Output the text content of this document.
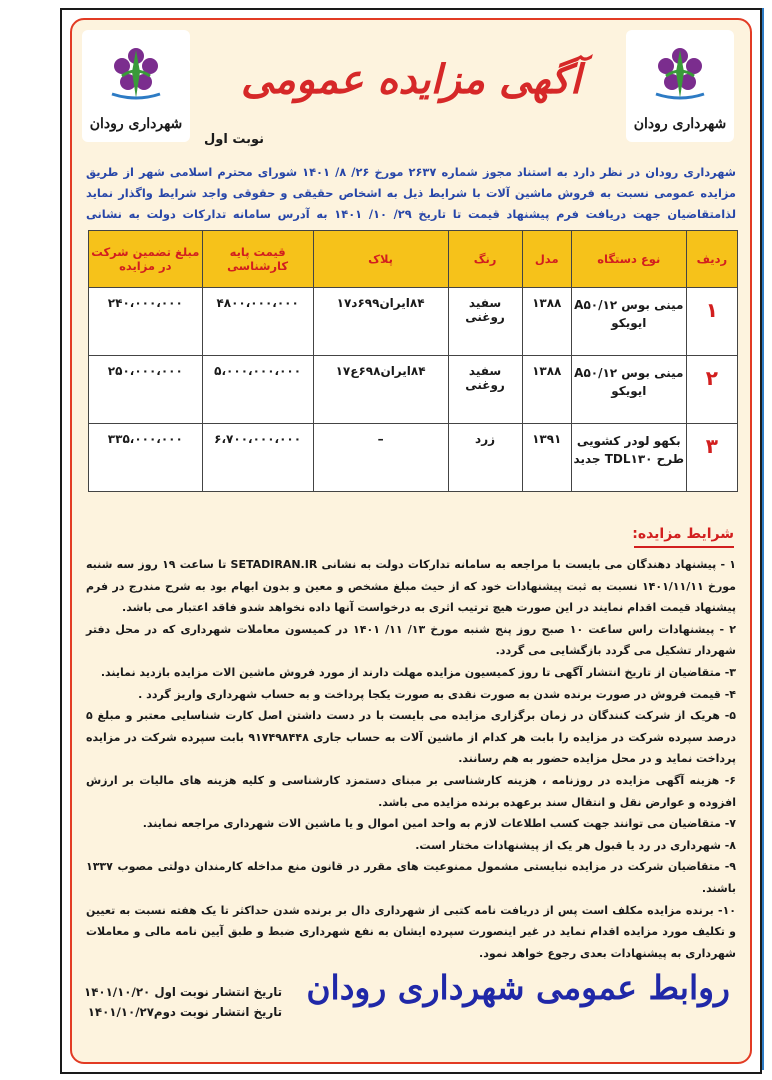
شهرداری رودان
شهرداری رودان
آگهی مزایده عمومی
نوبت اول
شهرداری رودان در نظر دارد به استناد مجوز شماره ۲۶۳۷ مورخ ۲۶/ ۸/ ۱۴۰۱ شورای محترم اسلامی شهر از طریق مزایده عمومی نسبت به فروش ماشین آلات با شرایط ذیل به اشخاص حقیقی و حقوقی واجد شرایط واگذار نماید لذامتقاضیان جهت دریافت فرم پیشنهاد قیمت تا تاریخ ۲۹/ ۱۰/ ۱۴۰۱ به آدرس سامانه تدارکات دولت به نشانی
ردیف	نوع دستگاه	مدل	رنگ	پلاک	قیمت پایه کارشناسی	مبلغ تضمین شرکت در مزایده
۱	مینی بوس A۵۰/۱۲ ایویکو	۱۳۸۸	سفید روغنی	۸۴ایران۶۹۹د۱۷	۴۸۰۰،۰۰۰،۰۰۰	۲۴۰،۰۰۰،۰۰۰
۲	مینی بوس A۵۰/۱۲ ایویکو	۱۳۸۸	سفید روغنی	۸۴ایران۶۹۸ع۱۷	۵،۰۰۰،۰۰۰،۰۰۰	۲۵۰،۰۰۰،۰۰۰
۳	بکهو لودر کشویی طرح TDL۱۳۰ جدید	۱۳۹۱	زرد	–	۶،۷۰۰،۰۰۰،۰۰۰	۳۳۵،۰۰۰،۰۰۰
شرایط مزایده:

۱ - پیشنهاد دهندگان می بایست با مراجعه به سامانه تدارکات دولت به نشانی SETADIRAN.IR تا ساعت ۱۹ روز سه شنبه مورخ ۱۴۰۱/۱۱/۱۱ نسبت به ثبت پیشنهادات خود که از حیث مبلغ مشخص و معین و بدون ابهام بود به شرح مندرج در فرم پیشنهاد قیمت اقدام نمایند در این صورت هیچ ترتیب اثری به درخواست آنها داده نخواهد شدو فاقد اعتبار می باشد.

۲ - پیشنهادات راس ساعت ۱۰ صبح روز پنج شنبه مورخ ۱۳/ ۱۱/ ۱۴۰۱ در کمیسون معاملات شهرداری که در محل دفتر شهردار تشکیل می گردد بازگشایی می گردد.

۳- متقاضیان از تاریخ انتشار آگهی تا روز کمیسیون مزایده مهلت دارند از مورد فروش ماشین الات مزایده بازدید نمایند.

۴- قیمت فروش در صورت برنده شدن به صورت نقدی به صورت یکجا پرداخت و به حساب شهرداری واریز گردد .

۵- هریک از شرکت کنندگان در زمان برگزاری مزایده می بایست با در دست داشتن اصل کارت شناسایی معتبر و مبلغ ۵ درصد سپرده شرکت در مزایده را بابت هر کدام از ماشین آلات به حساب جاری ۹۱۷۴۹۸۴۴۸ بابت سپرده شرکت در مزایده پرداخت نماید و در محل مزایده حضور به هم رسانند.

۶- هزینه آگهی مزایده در روزنامه ، هزینه کارشناسی بر مبنای دستمزد کارشناسی و کلیه هزینه های مالیات بر ارزش افزوده و عوارض نقل و انتقال سند برعهده برنده مزایده می باشد.

۷- متقاضیان می توانند جهت کسب اطلاعات لازم به واحد امین اموال و یا ماشین الات شهرداری مراجعه نمایند.

۸- شهرداری در رد یا قبول هر یک از پیشنهادات مختار است.

۹- متقاضیان شرکت در مزایده نبایستی مشمول ممنوعیت های مقرر در قانون منع مداخله کارمندان دولتی مصوب ۱۳۳۷ باشند.

۱۰- برنده مزایده مکلف است پس از دریافت نامه کتبی از شهرداری دال بر برنده شدن حداکثر تا یک هفته نسبت به تعیین و تکلیف مورد مزایده اقدام نماید در غیر اینصورت سپرده ایشان به نفع شهرداری ضبط و طبق آیین نامه مالی و معاملات شهرداری به پیشنهادات بعدی رجوع خواهد نمود.

روابط عمومی شهرداری رودان
تاریخ انتشار نوبت اول ۱۴۰۱/۱۰/۲۰
تاریخ انتشار نوبت دوم۱۴۰۱/۱۰/۲۷
